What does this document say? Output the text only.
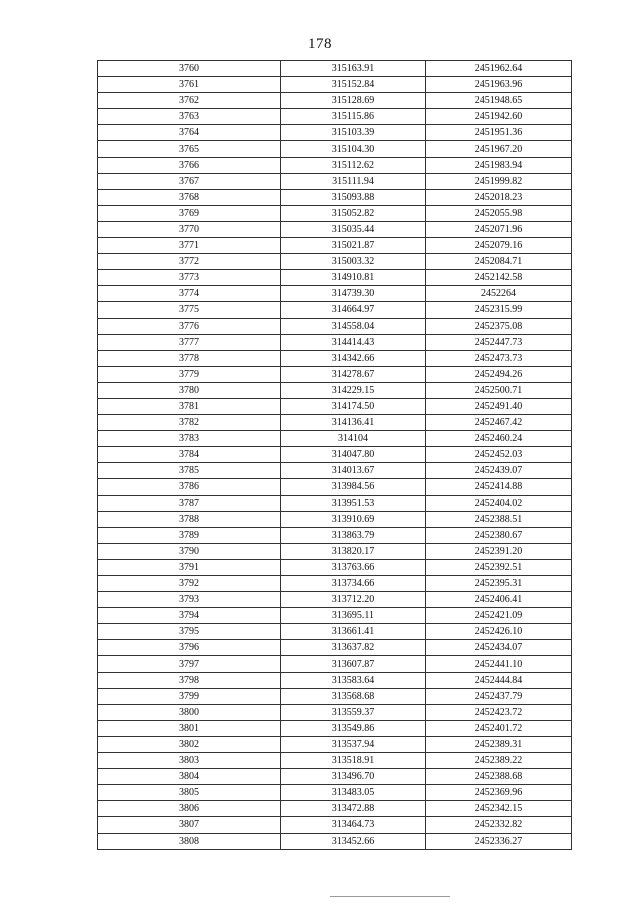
178
3760	315163.91	2451962.64
3761	315152.84	2451963.96
3762	315128.69	2451948.65
3763	315115.86	2451942.60
3764	315103.39	2451951.36
3765	315104.30	2451967.20
3766	315112.62	2451983.94
3767	315111.94	2451999.82
3768	315093.88	2452018.23
3769	315052.82	2452055.98
3770	315035.44	2452071.96
3771	315021.87	2452079.16
3772	315003.32	2452084.71
3773	314910.81	2452142.58
3774	314739.30	2452264
3775	314664.97	2452315.99
3776	314558.04	2452375.08
3777	314414.43	2452447.73
3778	314342.66	2452473.73
3779	314278.67	2452494.26
3780	314229.15	2452500.71
3781	314174.50	2452491.40
3782	314136.41	2452467.42
3783	314104	2452460.24
3784	314047.80	2452452.03
3785	314013.67	2452439.07
3786	313984.56	2452414.88
3787	313951.53	2452404.02
3788	313910.69	2452388.51
3789	313863.79	2452380.67
3790	313820.17	2452391.20
3791	313763.66	2452392.51
3792	313734.66	2452395.31
3793	313712.20	2452406.41
3794	313695.11	2452421.09
3795	313661.41	2452426.10
3796	313637.82	2452434.07
3797	313607.87	2452441.10
3798	313583.64	2452444.84
3799	313568.68	2452437.79
3800	313559.37	2452423.72
3801	313549.86	2452401.72
3802	313537.94	2452389.31
3803	313518.91	2452389.22
3804	313496.70	2452388.68
3805	313483.05	2452369.96
3806	313472.88	2452342.15
3807	313464.73	2452332.82
3808	313452.66	2452336.27
